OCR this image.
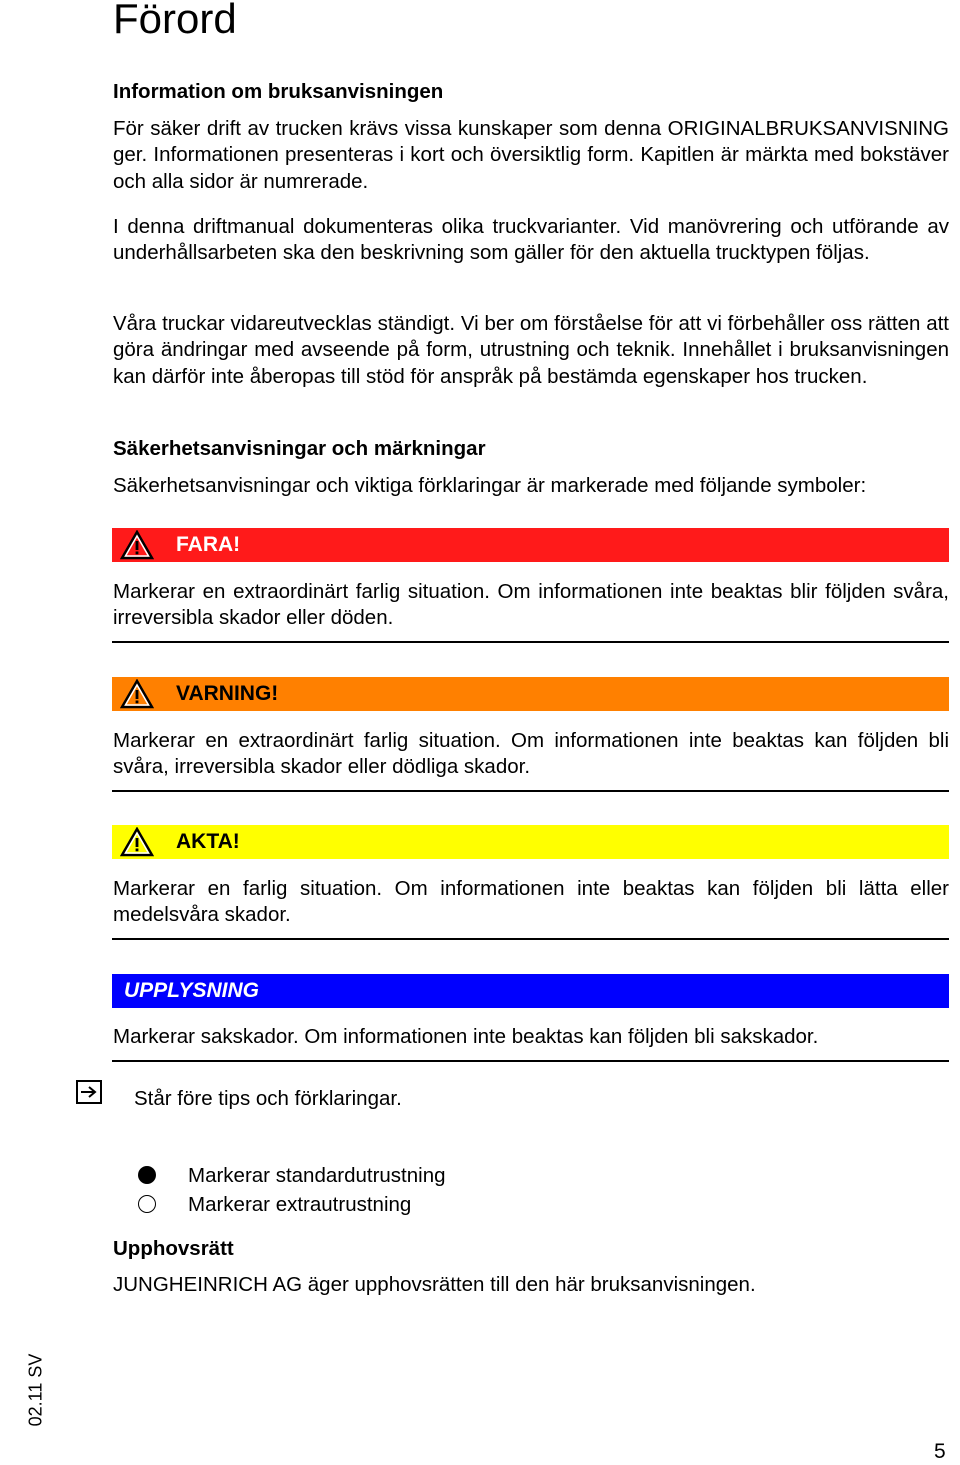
Förord
Information om bruksanvisningen
För säker drift av trucken krävs vissa kunskaper som denna ORIGINALBRUKSANVISNING ger. Informationen presenteras i kort och översiktlig form. Kapitlen är märkta med bokstäver och alla sidor är numrerade.
I denna driftmanual dokumenteras olika truckvarianter. Vid manövrering och utförande av underhållsarbeten ska den beskrivning som gäller för den aktuella trucktypen följas.
Våra truckar vidareutvecklas ständigt. Vi ber om förståelse för att vi förbehåller oss rätten att göra ändringar med avseende på form, utrustning och teknik. Innehållet i bruksanvisningen kan därför inte åberopas till stöd för anspråk på bestämda egenskaper hos trucken.
Säkerhetsanvisningar och märkningar
Säkerhetsanvisningar och viktiga förklaringar är markerade med följande symboler:
FARA!
Markerar en extraordinärt farlig situation. Om informationen inte beaktas blir följden svåra, irreversibla skador eller döden.
VARNING!
Markerar en extraordinärt farlig situation. Om informationen inte beaktas kan följden bli svåra, irreversibla skador eller dödliga skador.
AKTA!
Markerar en farlig situation. Om informationen inte beaktas kan följden bli lätta eller medelsvåra skador.
UPPLYSNING
Markerar sakskador. Om informationen inte beaktas kan följden bli sakskador.
Står före tips och förklaringar.
Markerar standardutrustning
Markerar extrautrustning
Upphovsrätt
JUNGHEINRICH AG äger upphovsrätten till den här bruksanvisningen.
02.11 SV
5
